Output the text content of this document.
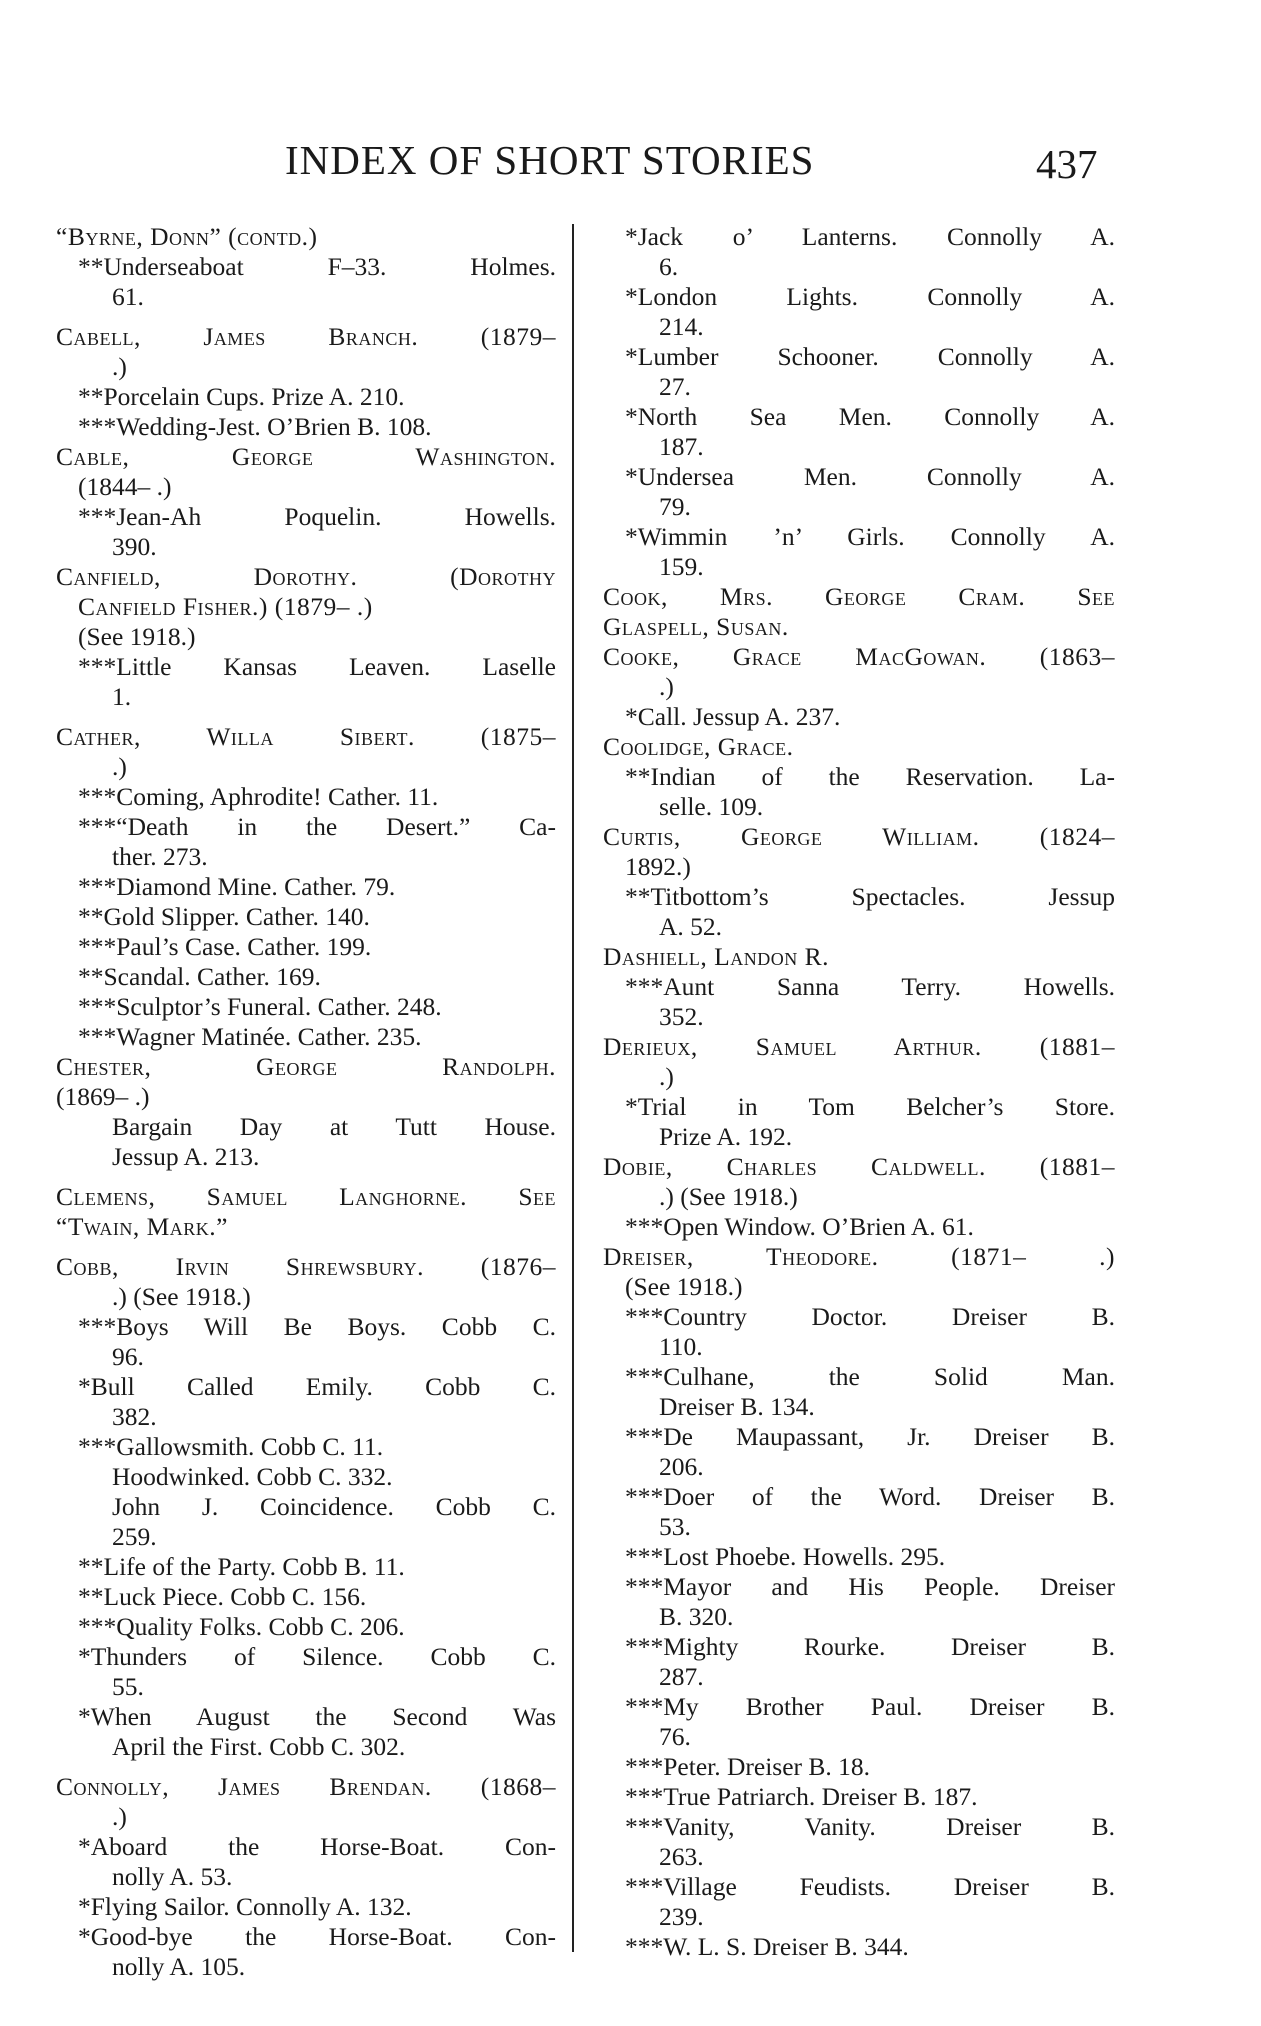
INDEX OF SHORT STORIES	437
“Byrne, Donn” (contd.)
**Underseaboat F–33. Holmes.
61.
Cabell, James Branch. (1879–
.)
**Porcelain Cups. Prize A. 210.
***Wedding-Jest. O’Brien B. 108.
Cable, George Washington.
(1844– .)
***Jean-Ah Poquelin. Howells.
390.
Canfield, Dorothy. (Dorothy
Canfield Fisher.) (1879– .)
(See 1918.)
***Little Kansas Leaven. Laselle
1.
Cather, Willa Sibert. (1875–
.)
***Coming, Aphrodite! Cather. 11.
***“Death in the Desert.” Ca-
ther. 273.
***Diamond Mine. Cather. 79.
**Gold Slipper. Cather. 140.
***Paul’s Case. Cather. 199.
**Scandal. Cather. 169.
***Sculptor’s Funeral. Cather. 248.
***Wagner Matinée. Cather. 235.
Chester, George Randolph.
(1869– .)
Bargain Day at Tutt House.
Jessup A. 213.
Clemens, Samuel Langhorne. See
“Twain, Mark.”
Cobb, Irvin Shrewsbury. (1876–
.) (See 1918.)
***Boys Will Be Boys. Cobb C.
96.
*Bull Called Emily. Cobb C.
382.
***Gallowsmith. Cobb C. 11.
Hoodwinked. Cobb C. 332.
John J. Coincidence. Cobb C.
259.
**Life of the Party. Cobb B. 11.
**Luck Piece. Cobb C. 156.
***Quality Folks. Cobb C. 206.
*Thunders of Silence. Cobb C.
55.
*When August the Second Was
April the First. Cobb C. 302.
Connolly, James Brendan. (1868–
.)
*Aboard the Horse-Boat. Con-
nolly A. 53.
*Flying Sailor. Connolly A. 132.
*Good-bye the Horse-Boat. Con-
nolly A. 105.
*Jack o’ Lanterns. Connolly A.
6.
*London Lights. Connolly A.
214.
*Lumber Schooner. Connolly A.
27.
*North Sea Men. Connolly A.
187.
*Undersea Men. Connolly A.
79.
*Wimmin ’n’ Girls. Connolly A.
159.
Cook, Mrs. George Cram. See
Glaspell, Susan.
Cooke, Grace MacGowan. (1863–
.)
*Call. Jessup A. 237.
Coolidge, Grace.
**Indian of the Reservation. La-
selle. 109.
Curtis, George William. (1824–
1892.)
**Titbottom’s Spectacles. Jessup
A. 52.
Dashiell, Landon R.
***Aunt Sanna Terry. Howells.
352.
Derieux, Samuel Arthur. (1881–
.)
*Trial in Tom Belcher’s Store.
Prize A. 192.
Dobie, Charles Caldwell. (1881–
.) (See 1918.)
***Open Window. O’Brien A. 61.
Dreiser, Theodore. (1871– .)
(See 1918.)
***Country Doctor. Dreiser B.
110.
***Culhane, the Solid Man.
Dreiser B. 134.
***De Maupassant, Jr. Dreiser B.
206.
***Doer of the Word. Dreiser B.
53.
***Lost Phoebe. Howells. 295.
***Mayor and His People. Dreiser
B. 320.
***Mighty Rourke. Dreiser B.
287.
***My Brother Paul. Dreiser B.
76.
***Peter. Dreiser B. 18.
***True Patriarch. Dreiser B. 187.
***Vanity, Vanity. Dreiser B.
263.
***Village Feudists. Dreiser B.
239.
***W. L. S. Dreiser B. 344.
